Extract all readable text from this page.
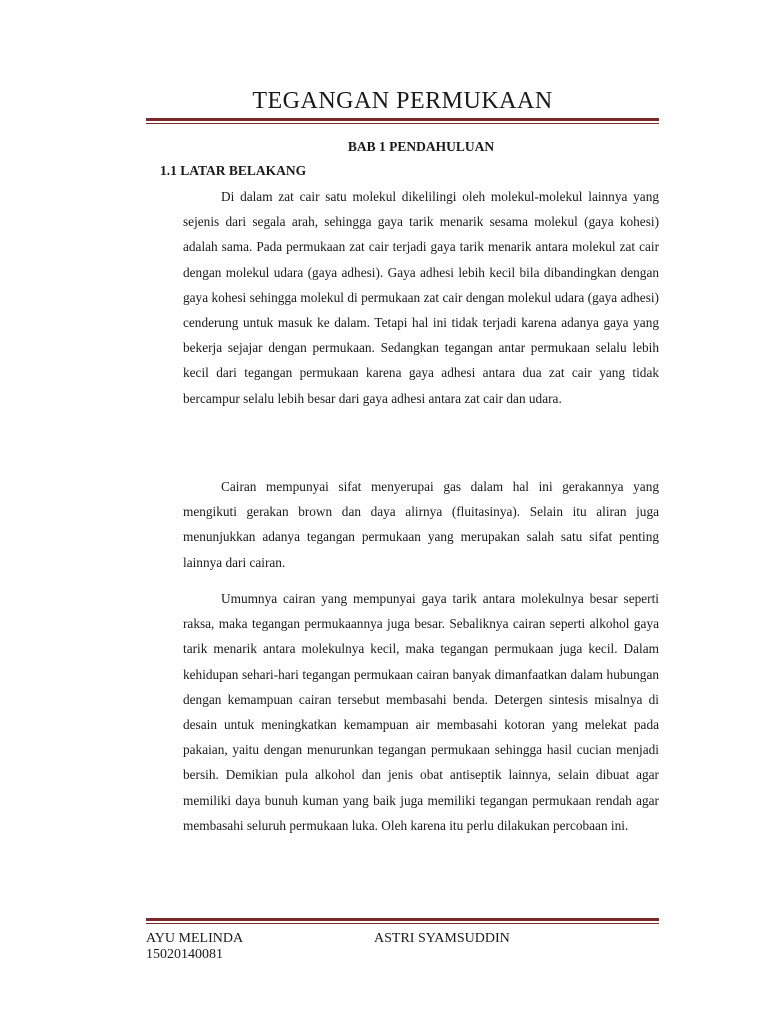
TEGANGAN PERMUKAAN
BAB 1 PENDAHULUAN
1.1 LATAR BELAKANG

Di dalam zat cair satu molekul dikelilingi oleh molekul-molekul lainnya yang sejenis dari segala arah, sehingga gaya tarik menarik sesama molekul (gaya kohesi) adalah sama. Pada permukaan zat cair terjadi gaya tarik menarik antara molekul zat cair dengan molekul udara (gaya adhesi). Gaya adhesi lebih kecil bila dibandingkan dengan gaya kohesi sehingga molekul di permukaan zat cair dengan molekul udara (gaya adhesi) cenderung untuk masuk ke dalam. Tetapi hal ini tidak terjadi karena adanya gaya yang bekerja sejajar dengan permukaan. Sedangkan tegangan antar permukaan selalu lebih kecil dari tegangan permukaan karena gaya adhesi antara dua zat cair yang tidak bercampur selalu lebih besar dari gaya adhesi antara zat cair dan udara.

Cairan mempunyai sifat menyerupai gas dalam hal ini gerakannya yang mengikuti gerakan brown dan daya alirnya (fluitasinya). Selain itu aliran juga menunjukkan adanya tegangan permukaan yang merupakan salah satu sifat penting lainnya dari cairan.

Umumnya cairan yang mempunyai gaya tarik antara molekulnya besar seperti raksa, maka tegangan permukaannya juga besar. Sebaliknya cairan seperti alkohol gaya tarik menarik antara molekulnya kecil, maka tegangan permukaan juga kecil. Dalam kehidupan sehari-hari tegangan permukaan cairan banyak dimanfaatkan dalam hubungan dengan kemampuan cairan tersebut membasahi benda. Detergen sintesis misalnya di desain untuk meningkatkan kemampuan air membasahi kotoran yang melekat pada pakaian, yaitu dengan menurunkan tegangan permukaan sehingga hasil cucian menjadi bersih. Demikian pula alkohol dan jenis obat antiseptik lainnya, selain dibuat agar memiliki daya bunuh kuman yang baik juga memiliki tegangan permukaan rendah agar membasahi seluruh permukaan luka. Oleh karena itu perlu dilakukan percobaan ini.

AYU MELINDA
15020140081
ASTRI SYAMSUDDIN
